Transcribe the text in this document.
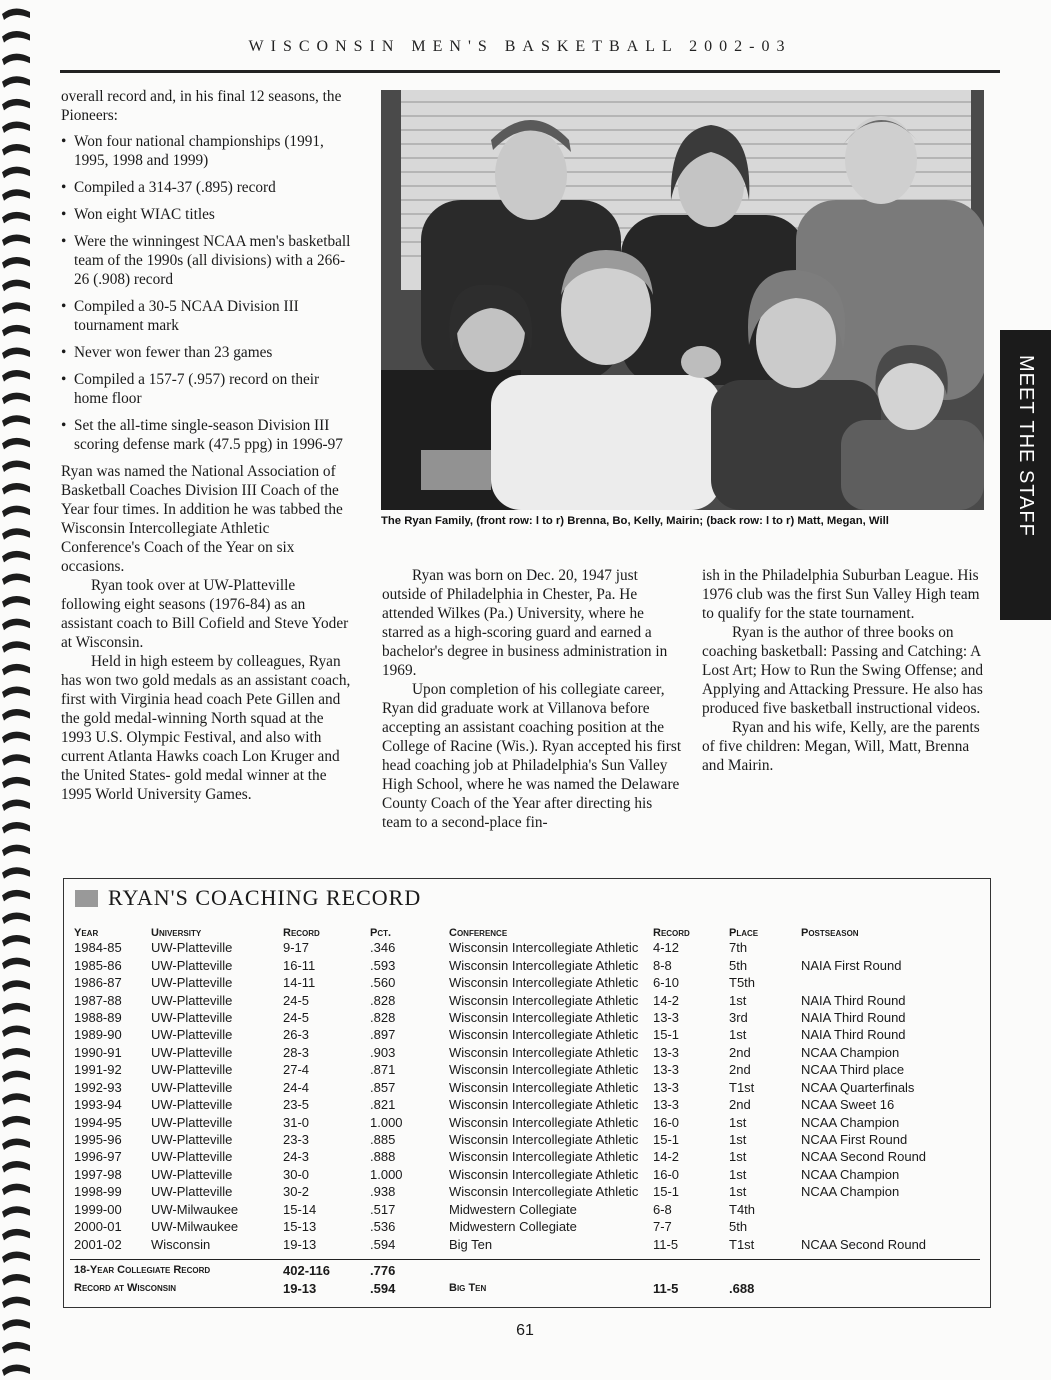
WISCONSIN MEN'S BASKETBALL 2002-03

overall record and, in his final 12 seasons, the Pioneers:

• Won four national championships (1991, 1995, 1998 and 1999)
• Compiled a 314-37 (.895) record
• Won eight WIAC titles
• Were the winningest NCAA men's basketball team of the 1990s (all divisions) with a 266-26 (.908) record
• Compiled a 30-5 NCAA Division III tournament mark
• Never won fewer than 23 games
• Compiled a 157-7 (.957) record on their home floor
• Set the all-time single-season Division III scoring defense mark (47.5 ppg) in 1996-97

Ryan was named the National Association of Basketball Coaches Division III Coach of the Year four times. In addition he was tabbed the Wisconsin Intercollegiate Athletic Conference's Coach of the Year on six occasions.

Ryan took over at UW-Platteville following eight seasons (1976-84) as an assistant coach to Bill Cofield and Steve Yoder at Wisconsin.

Held in high esteem by colleagues, Ryan has won two gold medals as an assistant coach, first with Virginia head coach Pete Gillen and the gold medal-winning North squad at the 1993 U.S. Olympic Festival, and also with current Atlanta Hawks coach Lon Kruger and the United States- gold medal winner at the 1995 World University Games.

The Ryan Family, (front row: l to r) Brenna, Bo, Kelly, Mairin; (back row: l to r) Matt, Megan, Will	MEET THE STAFF

Ryan was born on Dec. 20, 1947 just outside of Philadelphia in Chester, Pa. He attended Wilkes (Pa.) University, where he starred as a high-scoring guard and earned a bachelor's degree in business administration in 1969.

Upon completion of his collegiate career, Ryan did graduate work at Villanova before accepting an assistant coaching position at the College of Racine (Wis.). Ryan accepted his first head coaching job at Philadelphia's Sun Valley High School, where he was named the Delaware County Coach of the Year after directing his team to a second-place fin-

ish in the Philadelphia Suburban League. His 1976 club was the first Sun Valley High team to qualify for the state tournament.

Ryan is the author of three books on coaching basketball: Passing and Catching: A Lost Art; How to Run the Swing Offense; and Applying and Attacking Pressure. He also has produced five basketball instructional videos.

Ryan and his wife, Kelly, are the parents of five children: Megan, Will, Matt, Brenna and Mairin.

RYAN'S COACHING RECORD
Year	University	Record	Pct.	Conference	Record	Place	Postseason
1984-85	UW-Platteville	9-17	.346	Wisconsin Intercollegiate Athletic	4-12	7th	
1985-86	UW-Platteville	16-11	.593	Wisconsin Intercollegiate Athletic	8-8	5th	NAIA First Round
1986-87	UW-Platteville	14-11	.560	Wisconsin Intercollegiate Athletic	6-10	T5th	
1987-88	UW-Platteville	24-5	.828	Wisconsin Intercollegiate Athletic	14-2	1st	NAIA Third Round
1988-89	UW-Platteville	24-5	.828	Wisconsin Intercollegiate Athletic	13-3	3rd	NAIA Third Round
1989-90	UW-Platteville	26-3	.897	Wisconsin Intercollegiate Athletic	15-1	1st	NAIA Third Round
1990-91	UW-Platteville	28-3	.903	Wisconsin Intercollegiate Athletic	13-3	2nd	NCAA Champion
1991-92	UW-Platteville	27-4	.871	Wisconsin Intercollegiate Athletic	13-3	2nd	NCAA Third place
1992-93	UW-Platteville	24-4	.857	Wisconsin Intercollegiate Athletic	13-3	T1st	NCAA Quarterfinals
1993-94	UW-Platteville	23-5	.821	Wisconsin Intercollegiate Athletic	13-3	2nd	NCAA Sweet 16
1994-95	UW-Platteville	31-0	1.000	Wisconsin Intercollegiate Athletic	16-0	1st	NCAA Champion
1995-96	UW-Platteville	23-3	.885	Wisconsin Intercollegiate Athletic	15-1	1st	NCAA First Round
1996-97	UW-Platteville	24-3	.888	Wisconsin Intercollegiate Athletic	14-2	1st	NCAA Second Round
1997-98	UW-Platteville	30-0	1.000	Wisconsin Intercollegiate Athletic	16-0	1st	NCAA Champion
1998-99	UW-Platteville	30-2	.938	Wisconsin Intercollegiate Athletic	15-1	1st	NCAA Champion
1999-00	UW-Milwaukee	15-14	.517	Midwestern Collegiate	6-8	T4th	
2000-01	UW-Milwaukee	15-13	.536	Midwestern Collegiate	7-7	5th	
2001-02	Wisconsin	19-13	.594	Big Ten	11-5	T1st	NCAA Second Round
18-Year Collegiate Record	402-116	.776				
Record at Wisconsin	19-13	.594	Big Ten	11-5	.688	
61
